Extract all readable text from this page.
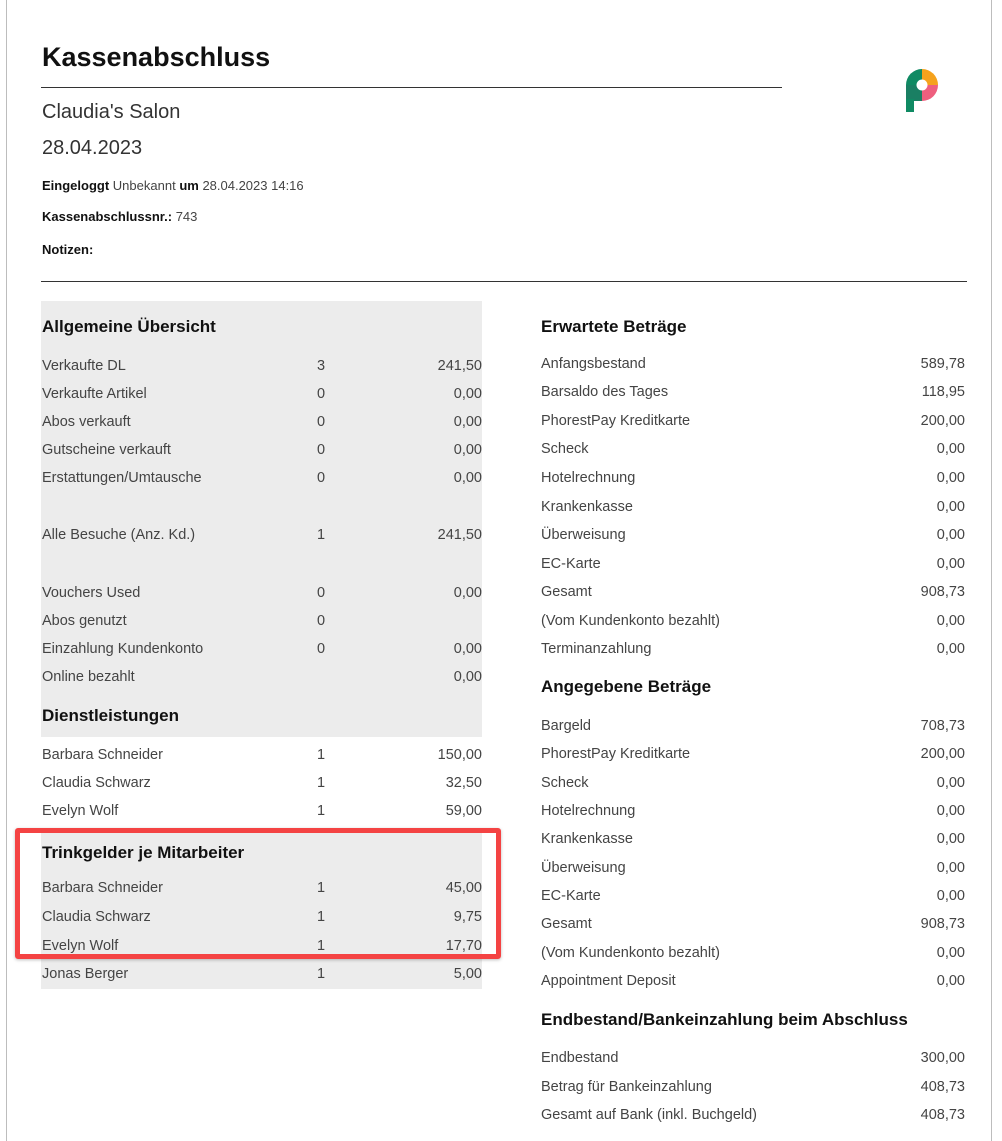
Kassenabschluss
Claudia's Salon
28.04.2023
Eingeloggt Unbekannt um 28.04.2023 14:16
Kassenabschlussnr.: 743
Notizen:
Allgemeine Übersicht
Verkaufte DL	3	241,50
Verkaufte Artikel	0	0,00
Abos verkauft	0	0,00
Gutscheine verkauft	0	0,00
Erstattungen/Umtausche	0	0,00
Alle Besuche (Anz. Kd.)	1	241,50
Vouchers Used	0	0,00
Abos genutzt	0
Einzahlung Kundenkonto	0	0,00
Online bezahlt	0,00
Dienstleistungen
Barbara Schneider	1	150,00
Claudia Schwarz	1	32,50
Evelyn Wolf	1	59,00
Trinkgelder je Mitarbeiter
Barbara Schneider	1	45,00
Claudia Schwarz	1	9,75
Evelyn Wolf	1	17,70
Jonas Berger	1	5,00
Erwartete Beträge
Anfangsbestand	589,78
Barsaldo des Tages	118,95
PhorestPay Kreditkarte	200,00
Scheck	0,00
Hotelrechnung	0,00
Krankenkasse	0,00
Überweisung	0,00
EC-Karte	0,00
Gesamt	908,73
(Vom Kundenkonto bezahlt)	0,00
Terminanzahlung	0,00
Angegebene Beträge
Bargeld	708,73
PhorestPay Kreditkarte	200,00
Scheck	0,00
Hotelrechnung	0,00
Krankenkasse	0,00
Überweisung	0,00
EC-Karte	0,00
Gesamt	908,73
(Vom Kundenkonto bezahlt)	0,00
Appointment Deposit	0,00
Endbestand/Bankeinzahlung beim Abschluss
Endbestand	300,00
Betrag für Bankeinzahlung	408,73
Gesamt auf Bank (inkl. Buchgeld)	408,73
